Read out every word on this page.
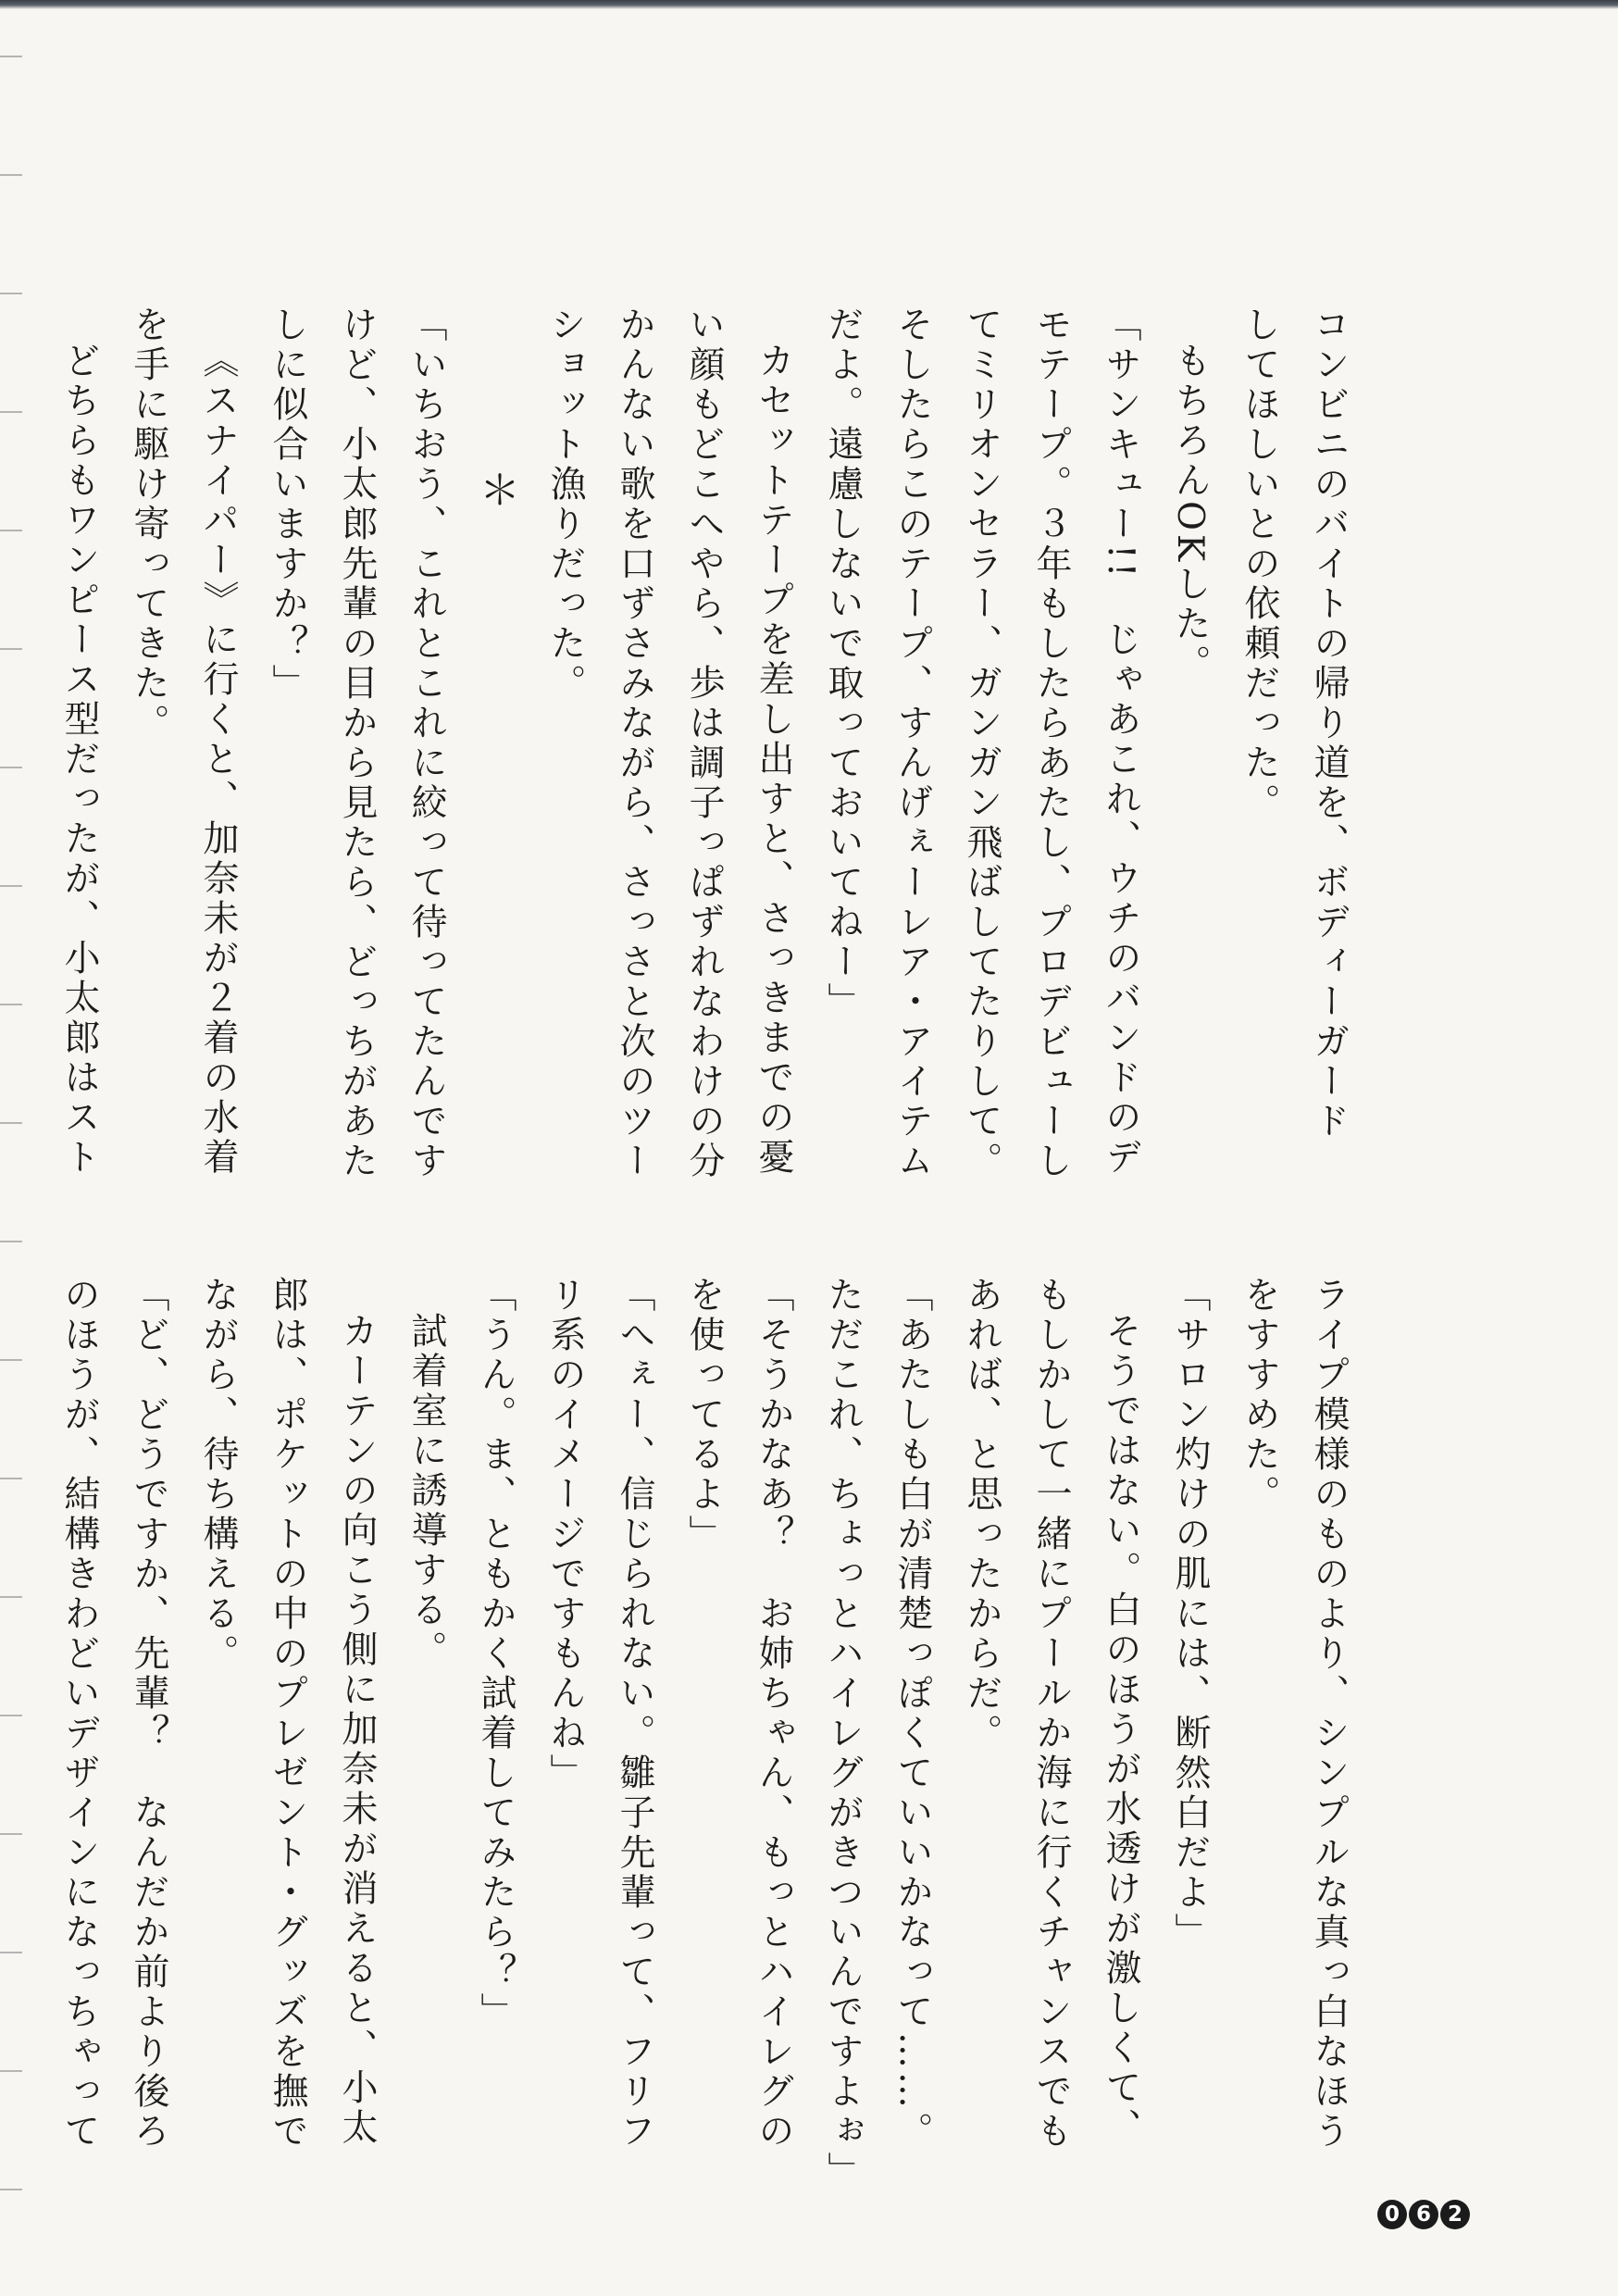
コンビニのバイトの帰り道を、ボディーガード
してほしいとの依頼だった。
もちろんOKした。
「サンキュー!!　じゃあこれ、ウチのバンドのデ
モテープ。３年もしたらあたし、プロデビューし
てミリオンセラー、ガンガン飛ばしてたりして。
そしたらこのテープ、すんげぇーレア・アイテム
だよ。遠慮しないで取っておいてねー」
カセットテープを差し出すと、さっきまでの憂
い顔もどこへやら、歩は調子っぱずれなわけの分
かんない歌を口ずさみながら、さっさと次のツー
ショット漁りだった。
＊
「いちおう、これとこれに絞って待ってたんです
けど、小太郎先輩の目から見たら、どっちがあた
しに似合いますか？」
《スナイパー》に行くと、加奈未が２着の水着
を手に駆け寄ってきた。
どちらもワンピース型だったが、小太郎はスト
ライプ模様のものより、シンプルな真っ白なほう
をすすめた。
「サロン灼けの肌には、断然白だよ」
そうではない。白のほうが水透けが激しくて、
もしかして一緒にプールか海に行くチャンスでも
あれば、と思ったからだ。
「あたしも白が清楚っぽくていいかなって……。
ただこれ、ちょっとハイレグがきついんですよぉ」
「そうかなあ？　お姉ちゃん、もっとハイレグの
を使ってるよ」
「へぇー、信じられない。雛子先輩って、フリフ
リ系のイメージですもんね」
「うん。ま、ともかく試着してみたら？」
試着室に誘導する。
カーテンの向こう側に加奈未が消えると、小太
郎は、ポケットの中のプレゼント・グッズを撫で
ながら、待ち構える。
「ど、どうですか、先輩？　なんだか前より後ろ
のほうが、結構きわどいデザインになっちゃって
0 6 2
